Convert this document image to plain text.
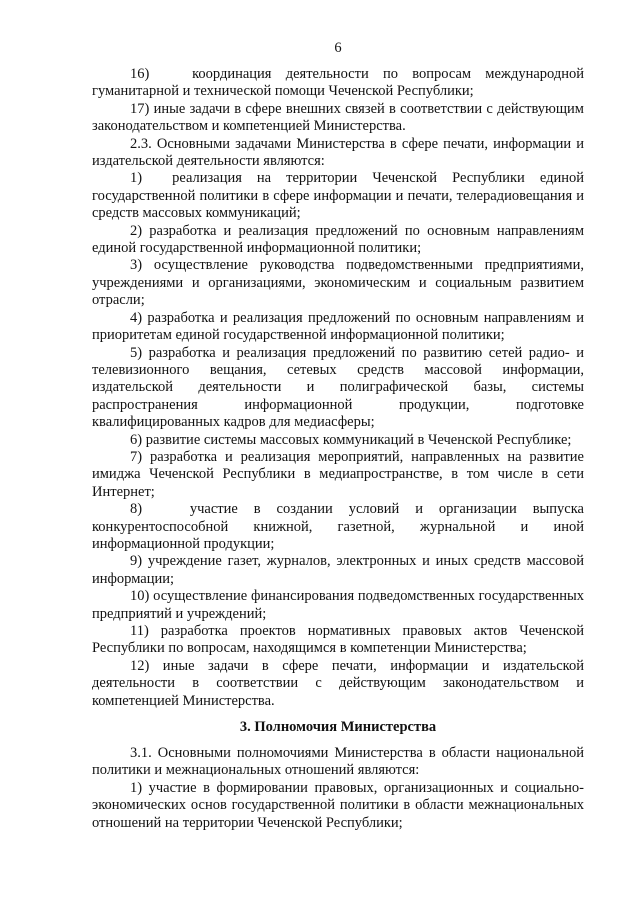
6

16)   координация деятельности по вопросам международной гуманитарной и технической помощи Чеченской Республики;

17) иные задачи в сфере внешних связей в соответствии с действующим законодательством и компетенцией Министерства.

2.3. Основными задачами Министерства в сфере печати, информации и издательской деятельности являются:

1)  реализация на территории Чеченской Республики единой государственной политики в сфере информации и печати, телерадиовещания и средств массовых коммуникаций;

2) разработка и реализация предложений по основным направлениям единой государственной информационной политики;

3) осуществление руководства подведомственными предприятиями, учреждениями и организациями, экономическим и социальным развитием отрасли;

4) разработка и реализация предложений по основным направлениям и приоритетам единой государственной информационной политики;

5) разработка и реализация предложений по развитию сетей радио- и телевизионного вещания, сетевых средств массовой информации, издательской деятельности и полиграфической базы, системы распространения информационной продукции, подготовке квалифицированных кадров для медиасферы;

6) развитие системы массовых коммуникаций в Чеченской Республике;

7) разработка и реализация мероприятий, направленных на развитие имиджа Чеченской Республики в медиапространстве, в том числе в сети Интернет;

8)   участие в создании условий и организации выпуска конкурентоспособной книжной, газетной, журнальной и иной информационной продукции;

9) учреждение газет, журналов, электронных и иных средств массовой информации;

10) осуществление финансирования подведомственных государственных предприятий и учреждений;

11) разработка проектов нормативных правовых актов Чеченской Республики по вопросам, находящимся в компетенции Министерства;

12) иные задачи в сфере печати, информации и издательской деятельности в соответствии с действующим законодательством и компетенцией Министерства.

3. Полномочия Министерства

3.1. Основными полномочиями Министерства в области национальной политики и межнациональных отношений являются:

1) участие в формировании правовых, организационных и социально-экономических основ государственной политики в области межнациональных отношений на территории Чеченской Республики;
